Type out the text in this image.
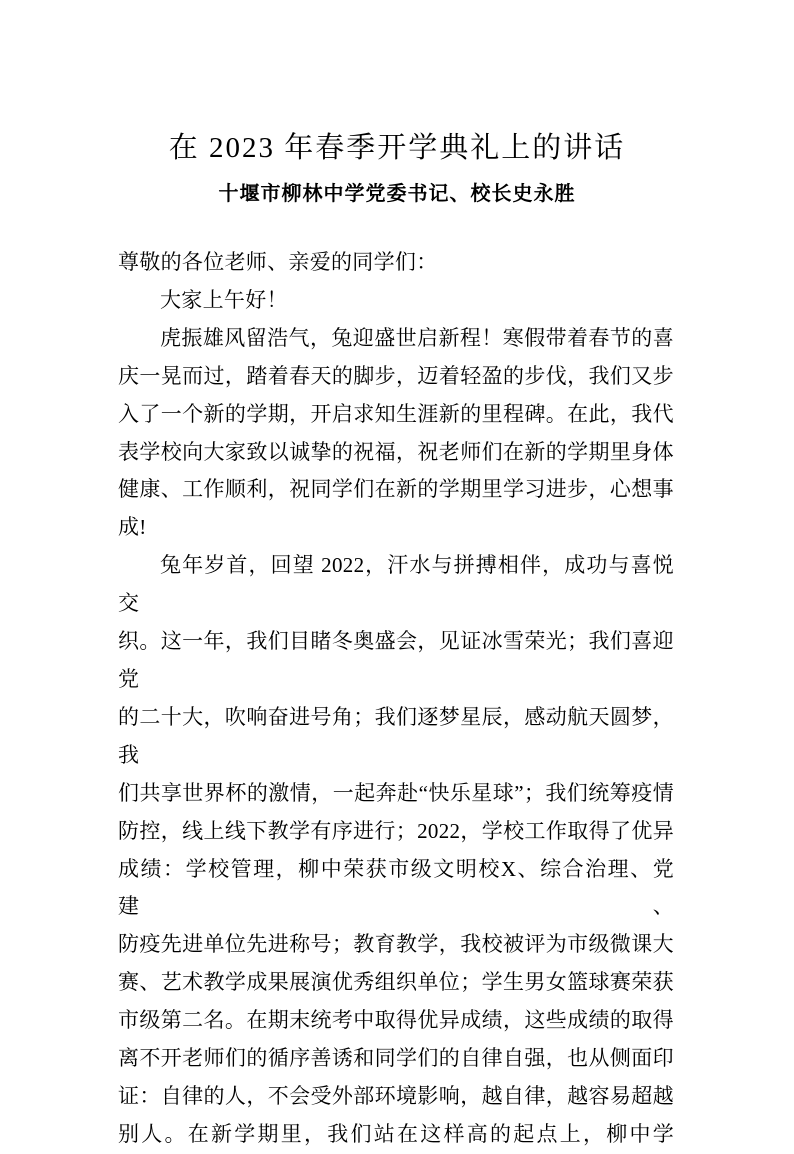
在 2023 年春季开学典礼上的讲话
十堰市柳林中学党委书记、校长史永胜
尊敬的各位老师、亲爱的同学们：
大家上午好！
虎振雄风留浩气，兔迎盛世启新程！寒假带着春节的喜
庆一晃而过，踏着春天的脚步，迈着轻盈的步伐，我们又步
入了一个新的学期，开启求知生涯新的里程碑。在此，我代
表学校向大家致以诚挚的祝福，祝老师们在新的学期里身体
健康、工作顺利，祝同学们在新的学期里学习进步，心想事
成!
兔年岁首，回望 2022，汗水与拼搏相伴，成功与喜悦交
织。这一年，我们目睹冬奥盛会，见证冰雪荣光；我们喜迎 党
的二十大，吹响奋进号角；我们逐梦星辰，感动航天圆梦， 我
们共享世界杯的激情，一起奔赴“快乐星球”；我们统筹疫情
防控，线上线下教学有序进行；2022，学校工作取得了优异
成绩：学校管理，柳中荣获市级文明校X、综合治理、党建、
防疫先进单位先进称号；教育教学，我校被评为市级微课大
赛、艺术教学成果展演优秀组织单位；学生男女篮球赛荣获
市级第二名。在期末统考中取得优异成绩，这些成绩的取得
离不开老师们的循序善诱和同学们的自律自强，也从侧面印
证：自律的人，不会受外部环境影响，越自律，越容易超越
别人。在新学期里，我们站在这样高的起点上，柳中学
